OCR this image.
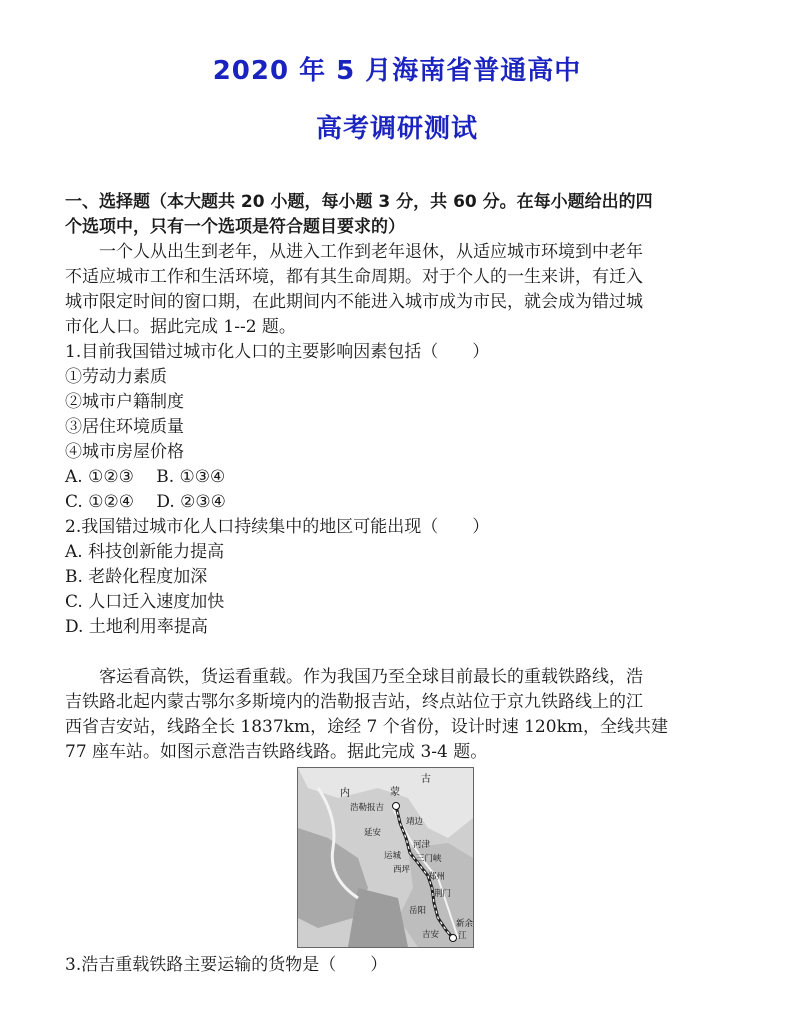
2020 年 5 月海南省普通高中
高考调研测试
一、选择题（本大题共 20 小题，每小题 3 分，共 60 分。在每小题给出的四
个选项中，只有一个选项是符合题目要求的）
　　一个人从出生到老年，从进入工作到老年退休，从适应城市环境到中老年
不适应城市工作和生活环境，都有其生命周期。对于个人的一生来讲，有迁入
城市限定时间的窗口期，在此期间内不能进入城市成为市民，就会成为错过城
市化人口。据此完成 1--2 题。
1.目前我国错过城市化人口的主要影响因素包括（　　）
①劳动力素质
②城市户籍制度
③居住环境质量
④城市房屋价格
A. ①②③　 B. ①③④
C. ①②④　 D. ②③④
2.我国错过城市化人口持续集中的地区可能出现（　　）
A. 科技创新能力提高
B. 老龄化程度加深
C. 人口迁入速度加快
D. 土地利用率提高
　　客运看高铁，货运看重载。作为我国乃至全球目前最长的重载铁路线，浩
吉铁路北起内蒙古鄂尔多斯境内的浩勒报吉站，终点站位于京九铁路线上的江
西省吉安站，线路全长 1837km，途经 7 个省份，设计时速 120km，全线共建
77 座车站。如图示意浩吉铁路线路。据此完成 3-4 题。
古
内	蒙
浩勒报吉
靖边
延安
河津
运城 三门峡
西坪
郑州
荆门
岳阳
新余
吉安 江
3.浩吉重载铁路主要运输的货物是（　　）
